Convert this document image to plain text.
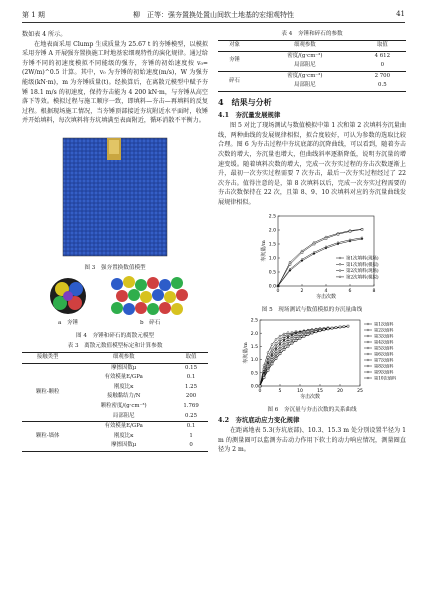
第 1 期	柳　正等：强夯置换处置山间软土地基的宏细观特性	41

数如表 4 所示。

在地表面采用 Clump 生成质量为 25.67 t 的夯锤模型，以模拟采用夯锤 A 开展强夯置换施工时地基宏细观特性的演化规律。通过给夯锤不同的初速度模拟不同能级的强夯，夯锤的初始速度按 v₀=(2W/m)^0.5 计算。其中，v₀ 为夯锤的初始速度(m/s)，W 为强夯能级(kN·m)，m 为夯锤质量(t)。经换算后，在离散元模型中赋予夯锤 18.1 m/s 的初速度，保持夯击能为 4 200 kN·m，与夯锤从高空落下等效。模拟过程与施工顺序一致，即填料—夯击—再填料的反复过程。根据现场施工情况，当夯锤顶部接近夯坑附近水平面时，收锤并开始填料，每次填料将夯坑填满至表面附近，循环消散不平衡力。

图 3　强夯置换数值模型
a　夯锤	b　碎石
图 4　夯锤和碎石的离散元模型
表 3　离散元数值模型标定和计算参数
接触类型	细观参数	取值
颗粒-颗粒	摩擦因数μ	0.15
	有效模量E/GPa	0.1
	刚度比κ	1.25
	接触黏结力/N	200
	颗粒密度/(g·cm⁻³)	1.769
	局部阻尼	0.25
颗粒-墙体	有效模量E/GPa	0.1
	刚度比κ	1
	摩擦因数μ	0
表 4　夯锤和碎石的参数
对象	细观参数	取值
夯锤	密度/(g·cm⁻³)	4 612
	局部阻尼	0
碎石	密度/(g·cm⁻³)	2 700
	局部阻尼	0.5
4　结果与分析
4.1　夯沉量发展规律

图 5 对比了现场测试与数值模拟中第 1 次和第 2 次填料夯沉量曲线，两种曲线的发展规律相似，拟合度较好，可认为参数的选取比较合理。图 6 为夯击过程中夯坑底部的沉降曲线，可以看到，随着夯击次数的增大，夯沉量也增大，但曲线斜率逐渐降低，说明夯沉量的增速变缓。随着填料次数的增大，完成一次夯实过程的夯击次数逐渐上升，最初一次夯实过程需要 7 次夯击，最后一次夯实过程经过了 22 次夯击。值得注意的是，第 8 次填料以后，完成一次夯实过程需要的夯击次数保持在 22 次，且第 8、9、10 次填料对应的夯沉量曲线发展规律相似。

0	2	4	6	8
0.0
0.5
1.0
1.5
2.0
2.5
夯击次数
夯沉量/m	第1次填料(现场)
第1次填料(模拟)
第2次填料(现场)
第2次填料(模拟)
图 5　现场测试与数值模拟的夯沉量曲线
0	5	10	15	20	25
0.0
0.5
1.0
1.5
2.0
2.5
夯击次数
夯沉量/m
第1次填料
第2次填料
第3次填料
第4次填料
第5次填料
第6次填料
第7次填料
第8次填料
第9次填料
第10次填料
图 6　夯沉量与夯击次数的关系曲线
4.2　夯坑底动应力变化规律

在距离地表 5.3(夯坑底部)、10.3、15.3 m 处分别设置半径为 1 m 的测量圈可以监测夯击动力作用下软土的动力响应情况，测量圈直径为 2 m。
